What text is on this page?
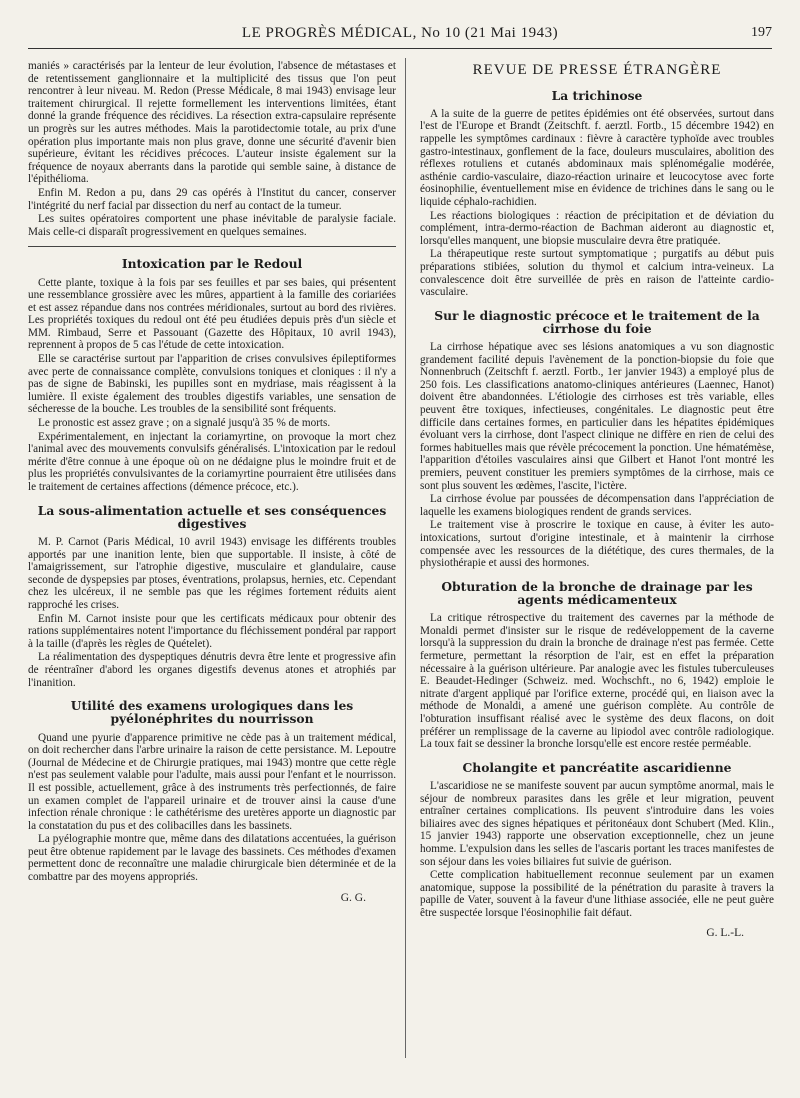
LE PROGRÈS MÉDICAL, No 10 (21 Mai 1943)	197

maniés » caractérisés par la lenteur de leur évolution, l'absence de métastases et de retentissement ganglionnaire et la multiplicité des tissus que l'on peut rencontrer à leur niveau. M. Redon (Presse Médicale, 8 mai 1943) envisage leur traitement chirurgical. Il rejette formellement les interventions limitées, étant donné la grande fréquence des récidives. La résection extra-capsulaire représente un progrès sur les autres méthodes. Mais la parotidectomie totale, au prix d'une opération plus importante mais non plus grave, donne une sécurité d'avenir bien supérieure, évitant les récidives précoces. L'auteur insiste également sur la fréquence de noyaux aberrants dans la parotide qui semble saine, à distance de l'épithélioma.

Enfin M. Redon a pu, dans 29 cas opérés à l'Institut du cancer, conserver l'intégrité du nerf facial par dissection du nerf au contact de la tumeur.

Les suites opératoires comportent une phase inévitable de paralysie faciale. Mais celle-ci disparaît progressivement en quelques semaines.

Intoxication par le Redoul

Cette plante, toxique à la fois par ses feuilles et par ses baies, qui présentent une ressemblance grossière avec les mûres, appartient à la famille des coriariées et est assez répandue dans nos contrées méridionales, surtout au bord des rivières. Les propriétés toxiques du redoul ont été peu étudiées depuis près d'un siècle et MM. Rimbaud, Serre et Passouant (Gazette des Hôpitaux, 10 avril 1943), reprennent à propos de 5 cas l'étude de cette intoxication.

Elle se caractérise surtout par l'apparition de crises convulsives épileptiformes avec perte de connaissance complète, convulsions toniques et cloniques : il n'y a pas de signe de Babinski, les pupilles sont en mydriase, mais réagissent à la lumière. Il existe également des troubles digestifs variables, une sensation de sécheresse de la bouche. Les troubles de la sensibilité sont fréquents.

Le pronostic est assez grave ; on a signalé jusqu'à 35 % de morts.

Expérimentalement, en injectant la coriamyrtine, on provoque la mort chez l'animal avec des mouvements convulsifs généralisés. L'intoxication par le redoul mérite d'être connue à une époque où on ne dédaigne plus le moindre fruit et de plus les propriétés convulsivantes de la coriamyrtine pourraient être utilisées dans le traitement de certaines affections (démence précoce, etc.).

La sous-alimentation actuelle et ses conséquences digestives

M. P. Carnot (Paris Médical, 10 avril 1943) envisage les différents troubles apportés par une inanition lente, bien que supportable. Il insiste, à côté de l'amaigrissement, sur l'atrophie digestive, musculaire et glandulaire, cause seconde de dyspepsies par ptoses, éventrations, prolapsus, hernies, etc. Cependant chez les ulcéreux, il ne semble pas que les régimes fortement réduits aient rapproché les crises.

Enfin M. Carnot insiste pour que les certificats médicaux pour obtenir des rations supplémentaires notent l'importance du fléchissement pondéral par rapport à la taille (d'après les règles de Quételet).

La réalimentation des dyspeptiques dénutris devra être lente et progressive afin de réentraîner d'abord les organes digestifs devenus atones et atrophiés par l'inanition.

Utilité des examens urologiques dans les pyélonéphrites du nourrisson

Quand une pyurie d'apparence primitive ne cède pas à un traitement médical, on doit rechercher dans l'arbre urinaire la raison de cette persistance. M. Lepoutre (Journal de Médecine et de Chirurgie pratiques, mai 1943) montre que cette règle n'est pas seulement valable pour l'adulte, mais aussi pour l'enfant et le nourrisson. Il est possible, actuellement, grâce à des instruments très perfectionnés, de faire un examen complet de l'appareil urinaire et de trouver ainsi la cause d'une infection rénale chronique : le cathétérisme des uretères apporte un diagnostic par la constatation du pus et des colibacilles dans les bassinets.

La pyélographie montre que, même dans des dilatations accentuées, la guérison peut être obtenue rapidement par le lavage des bassinets. Ces méthodes d'examen permettent donc de reconnaître une maladie chirurgicale bien déterminée et de la combattre par des moyens appropriés.

G. G.
REVUE DE PRESSE ÉTRANGÈRE
La trichinose

A la suite de la guerre de petites épidémies ont été observées, surtout dans l'est de l'Europe et Brandt (Zeitschft. f. aerztl. Fortb., 15 décembre 1942) en rappelle les symptômes cardinaux : fièvre à caractère typhoïde avec troubles gastro-intestinaux, gonflement de la face, douleurs musculaires, abolition des réflexes rotuliens et cutanés abdominaux mais splénomégalie modérée, asthénie cardio-vasculaire, diazo-réaction urinaire et leucocytose avec forte éosinophilie, éventuellement mise en évidence de trichines dans le sang ou le liquide céphalo-rachidien.

Les réactions biologiques : réaction de précipitation et de déviation du complément, intra-dermo-réaction de Bachman aideront au diagnostic et, lorsqu'elles manquent, une biopsie musculaire devra être pratiquée.

La thérapeutique reste surtout symptomatique ; purgatifs au début puis préparations stibiées, solution du thymol et calcium intra-veineux. La convalescence doit être surveillée de près en raison de l'atteinte cardio-vasculaire.

Sur le diagnostic précoce et le traitement de la cirrhose du foie

La cirrhose hépatique avec ses lésions anatomiques a vu son diagnostic grandement facilité depuis l'avènement de la ponction-biopsie du foie que Nonnenbruch (Zeitschft f. aerztl. Fortb., 1er janvier 1943) a employé plus de 250 fois. Les classifications anatomo-cliniques antérieures (Laennec, Hanot) doivent être abandonnées. L'étiologie des cirrhoses est très variable, elles peuvent être toxiques, infectieuses, congénitales. Le diagnostic peut être difficile dans certaines formes, en particulier dans les hépatites épidémiques évoluant vers la cirrhose, dont l'aspect clinique ne diffère en rien de celui des formes habituelles mais que révèle précocement la ponction. Une hématémèse, l'apparition d'étoiles vasculaires ainsi que Gilbert et Hanot l'ont montré les premiers, peuvent constituer les premiers symptômes de la cirrhose, mais ce sont plus souvent les œdèmes, l'ascite, l'ictère.

La cirrhose évolue par poussées de décompensation dans l'appréciation de laquelle les examens biologiques rendent de grands services.

Le traitement vise à proscrire le toxique en cause, à éviter les auto-intoxications, surtout d'origine intestinale, et à maintenir la cirrhose compensée avec les ressources de la diététique, des cures thermales, de la physiothérapie et aussi des hormones.

Obturation de la bronche de drainage par les agents médicamenteux

La critique rétrospective du traitement des cavernes par la méthode de Monaldi permet d'insister sur le risque de redéveloppement de la caverne lorsqu'à la suppression du drain la bronche de drainage n'est pas fermée. Cette fermeture, permettant la résorption de l'air, est en effet la préparation nécessaire à la guérison ultérieure. Par analogie avec les fistules tuberculeuses E. Beaudet-Hedinger (Schweiz. med. Wochschft., no 6, 1942) emploie le nitrate d'argent appliqué par l'orifice externe, procédé qui, en liaison avec la méthode de Monaldi, a amené une guérison complète. Au contrôle de l'obturation insuffisant réalisé avec le système des deux flacons, on doit préférer un remplissage de la caverne au lipiodol avec contrôle radiologique. La toux fait se dessiner la bronche lorsqu'elle est encore restée perméable.

Cholangite et pancréatite ascaridienne

L'ascaridiose ne se manifeste souvent par aucun symptôme anormal, mais le séjour de nombreux parasites dans les grêle et leur migration, peuvent entraîner certaines complications. Ils peuvent s'introduire dans les voies biliaires avec des signes hépatiques et péritonéaux dont Schubert (Med. Klin., 15 janvier 1943) rapporte une observation exceptionnelle, chez un jeune homme. L'expulsion dans les selles de l'ascaris portant les traces manifestes de son séjour dans les voies biliaires fut suivie de guérison.

Cette complication habituellement reconnue seulement par un examen anatomique, suppose la possibilité de la pénétration du parasite à travers la papille de Vater, souvent à la faveur d'une lithiase associée, elle ne peut guère être suspectée lorsque l'éosinophilie fait défaut.

G. L.-L.
